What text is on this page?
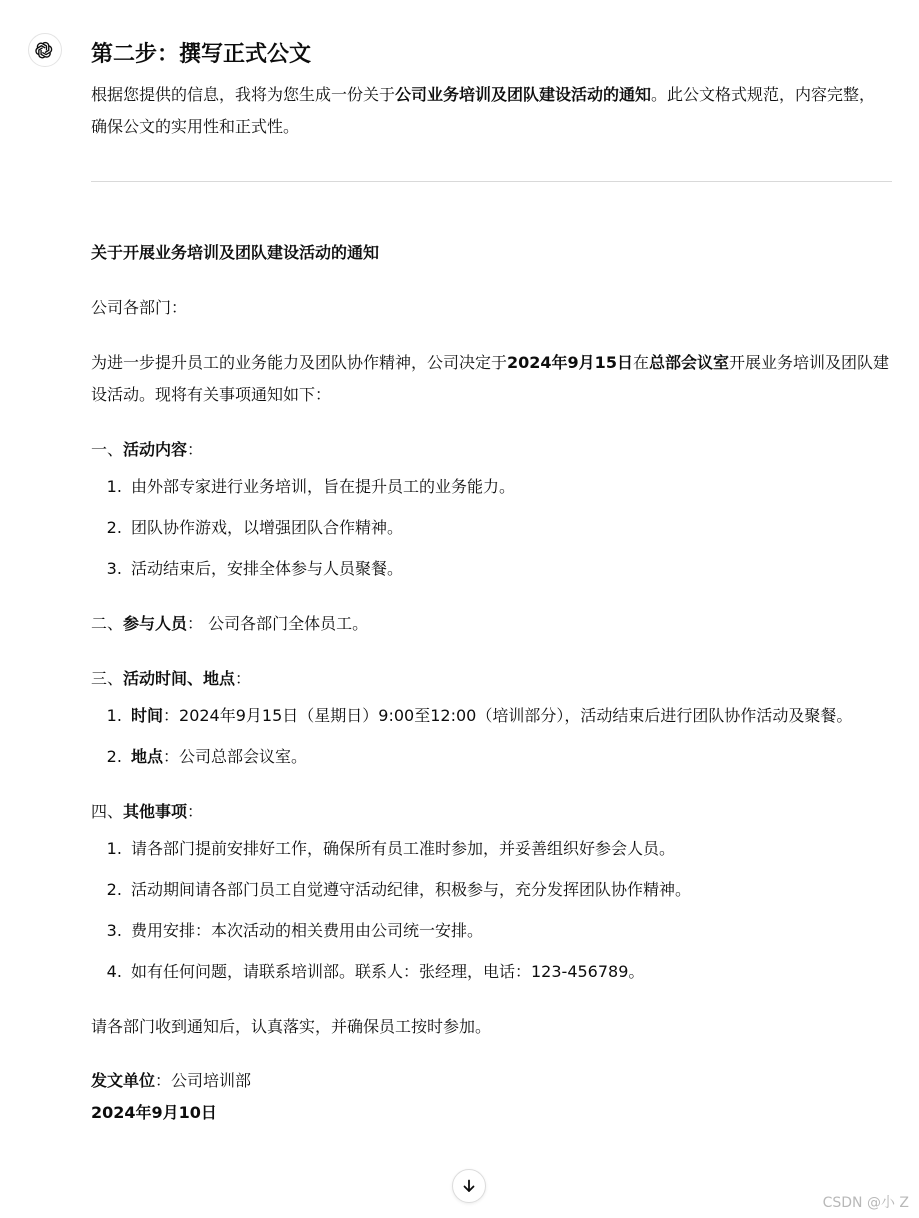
第二步：撰写正式公文

根据您提供的信息，我将为您生成一份关于公司业务培训及团队建设活动的通知。此公文格式规范，内容完整，确保公文的实用性和正式性。

关于开展业务培训及团队建设活动的通知

公司各部门：

为进一步提升员工的业务能力及团队协作精神，公司决定于2024年9月15日在总部会议室开展业务培训及团队建设活动。现将有关事项通知如下：

一、活动内容：

1. 由外部专家进行业务培训，旨在提升员工的业务能力。
2. 团队协作游戏，以增强团队合作精神。
3. 活动结束后，安排全体参与人员聚餐。

二、参与人员： 公司各部门全体员工。

三、活动时间、地点：

1. 时间：2024年9月15日（星期日）9:00至12:00（培训部分），活动结束后进行团队协作活动及聚餐。
2. 地点：公司总部会议室。

四、其他事项：

1. 请各部门提前安排好工作，确保所有员工准时参加，并妥善组织好参会人员。
2. 活动期间请各部门员工自觉遵守活动纪律，积极参与，充分发挥团队协作精神。
3. 费用安排：本次活动的相关费用由公司统一安排。
4. 如有任何问题，请联系培训部。联系人：张经理，电话：123-456789。

请各部门收到通知后，认真落实，并确保员工按时参加。

发文单位：公司培训部

2024年9月10日

CSDN @小 Z
